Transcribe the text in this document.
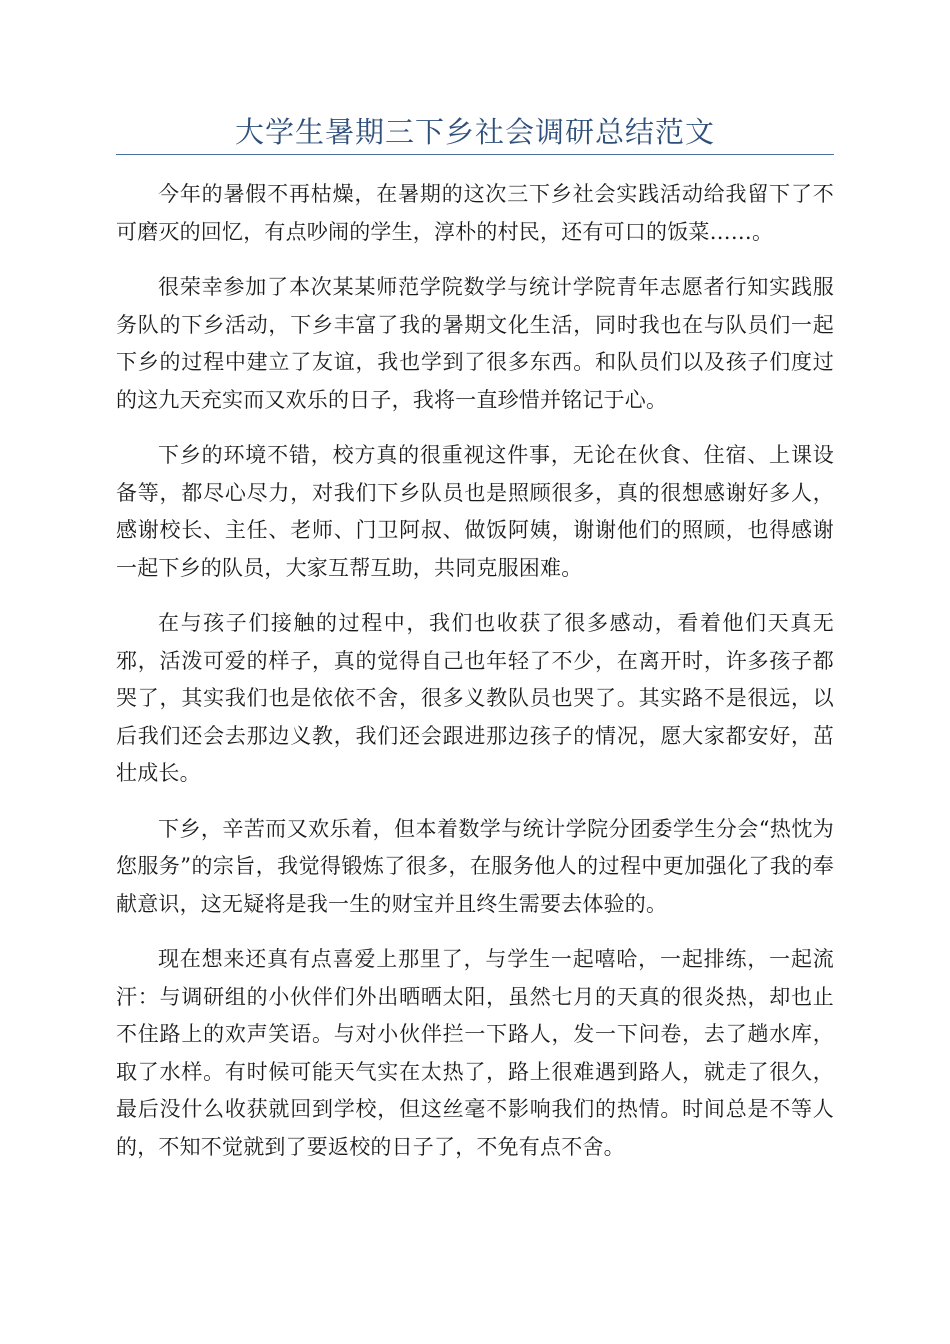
大学生暑期三下乡社会调研总结范文

今年的暑假不再枯燥，在暑期的这次三下乡社会实践活动给我留下了不可磨灭的回忆，有点吵闹的学生，淳朴的村民，还有可口的饭菜……。

很荣幸参加了本次某某师范学院数学与统计学院青年志愿者行知实践服务队的下乡活动，下乡丰富了我的暑期文化生活，同时我也在与队员们一起下乡的过程中建立了友谊，我也学到了很多东西。和队员们以及孩子们度过的这九天充实而又欢乐的日子，我将一直珍惜并铭记于心。

下乡的环境不错，校方真的很重视这件事，无论在伙食、住宿、上课设备等，都尽心尽力，对我们下乡队员也是照顾很多，真的很想感谢好多人，感谢校长、主任、老师、门卫阿叔、做饭阿姨，谢谢他们的照顾，也得感谢一起下乡的队员，大家互帮互助，共同克服困难。

在与孩子们接触的过程中，我们也收获了很多感动，看着他们天真无邪，活泼可爱的样子，真的觉得自己也年轻了不少，在离开时，许多孩子都哭了，其实我们也是依依不舍，很多义教队员也哭了。其实路不是很远，以后我们还会去那边义教，我们还会跟进那边孩子的情况，愿大家都安好，茁壮成长。

下乡，辛苦而又欢乐着，但本着数学与统计学院分团委学生分会“热忱为您服务”的宗旨，我觉得锻炼了很多，在服务他人的过程中更加强化了我的奉献意识，这无疑将是我一生的财宝并且终生需要去体验的。

现在想来还真有点喜爱上那里了，与学生一起嘻哈，一起排练，一起流汗：与调研组的小伙伴们外出晒晒太阳，虽然七月的天真的很炎热，却也止不住路上的欢声笑语。与对小伙伴拦一下路人，发一下问卷，去了趟水库，取了水样。有时候可能天气实在太热了，路上很难遇到路人，就走了很久，最后没什么收获就回到学校，但这丝毫不影响我们的热情。时间总是不等人的，不知不觉就到了要返校的日子了，不免有点不舍。
